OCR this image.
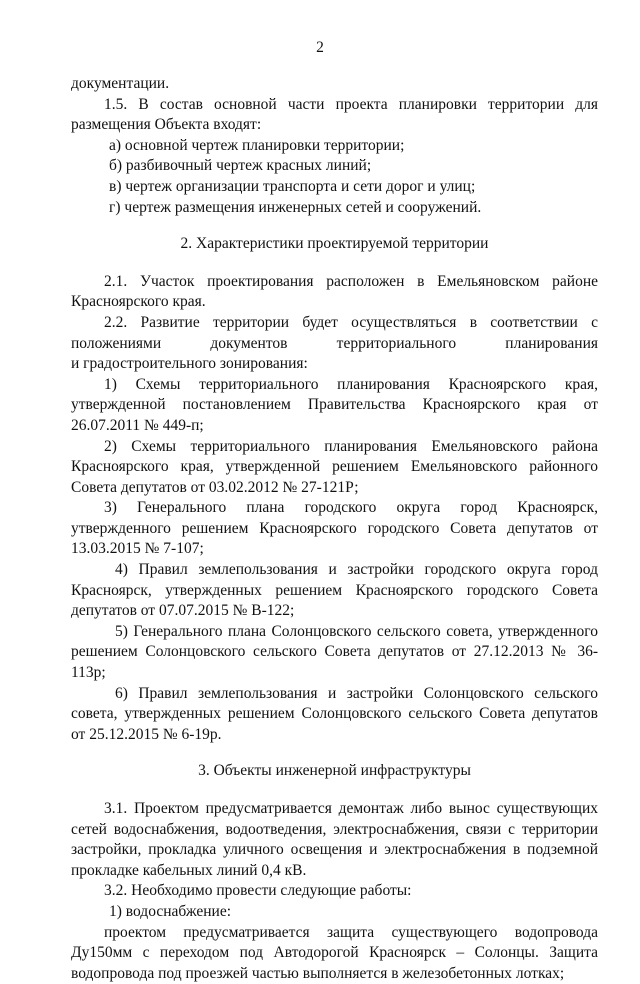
2

документации.

1.5. В состав основной части проекта планировки территории для размещения Объекта входят:

а) основной чертеж планировки территории;

б) разбивочный чертеж красных линий;

в) чертеж организации транспорта и сети дорог и улиц;

г) чертеж размещения инженерных сетей и сооружений.

2. Характеристики проектируемой территории

2.1. Участок проектирования расположен в Емельяновском районе Красноярского края.

2.2. Развитие территории будет осуществляться в соответствии с положениями документов территориального планирования

и градостроительного зонирования:

1) Схемы территориального планирования Красноярского края, утвержденной постановлением Правительства Красноярского края от 26.07.2011 № 449-п;

2) Схемы территориального планирования Емельяновского района Красноярского края, утвержденной решением Емельяновского районного Совета депутатов от 03.02.2012 № 27-121Р;

3) Генерального плана городского округа город Красноярск, утвержденного решением Красноярского городского Совета депутатов от 13.03.2015 № 7-107;

4) Правил землепользования и застройки городского округа город Красноярск, утвержденных решением Красноярского городского Совета депутатов от 07.07.2015 № В-122;

5) Генерального плана Солонцовского сельского совета, утвержденного решением Солонцовского сельского Совета депутатов от 27.12.2013 № 36-113р;

6) Правил землепользования и застройки Солонцовского сельского совета, утвержденных решением Солонцовского сельского Совета депутатов от 25.12.2015 № 6-19р.

3. Объекты инженерной инфраструктуры

3.1. Проектом предусматривается демонтаж либо вынос существующих сетей водоснабжения, водоотведения, электроснабжения, связи с территории застройки, прокладка уличного освещения и электроснабжения в подземной прокладке кабельных линий 0,4 кВ.

3.2. Необходимо провести следующие работы:

1) водоснабжение:

проектом предусматривается защита существующего водопровода Ду150мм с переходом под Автодорогой Красноярск – Солонцы. Защита водопровода под проезжей частью выполняется в железобетонных лотках;
